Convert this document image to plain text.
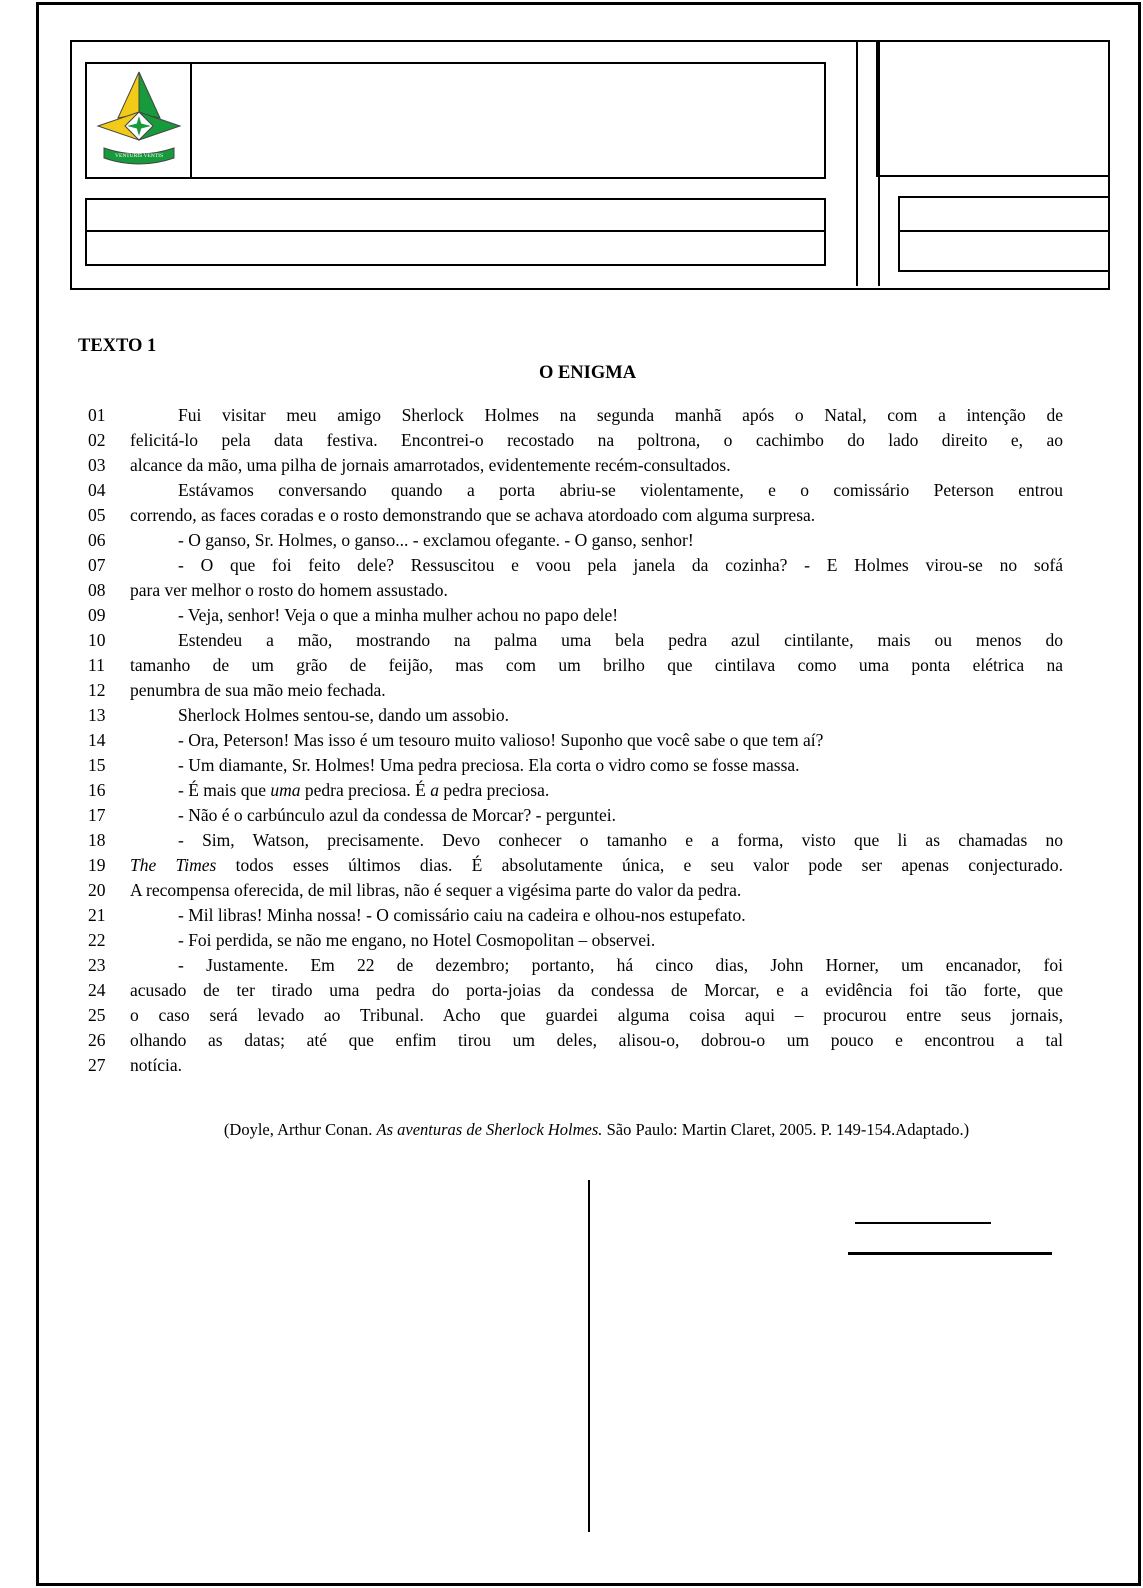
VENTURIS VENTIS
TEXTO 1
O ENIGMA
01	Fui visitar meu amigo Sherlock Holmes na segunda manhã após o Natal, com a intenção de
02	felicitá-lo pela data festiva. Encontrei-o recostado na poltrona, o cachimbo do lado direito e, ao
03	alcance da mão, uma pilha de jornais amarrotados, evidentemente recém-consultados.
04	Estávamos conversando quando a porta abriu-se violentamente, e o comissário Peterson entrou
05	correndo, as faces coradas e o rosto demonstrando que se achava atordoado com alguma surpresa.
06	- O ganso, Sr. Holmes, o ganso... - exclamou ofegante. - O ganso, senhor!
07	- O que foi feito dele? Ressuscitou e voou pela janela da cozinha? - E Holmes virou-se no sofá
08	para ver melhor o rosto do homem assustado.
09	- Veja, senhor! Veja o que a minha mulher achou no papo dele!
10	Estendeu a mão, mostrando na palma uma bela pedra azul cintilante, mais ou menos do
11	tamanho de um grão de feijão, mas com um brilho que cintilava como uma ponta elétrica na
12	penumbra de sua mão meio fechada.
13	Sherlock Holmes sentou-se, dando um assobio.
14	- Ora, Peterson! Mas isso é um tesouro muito valioso! Suponho que você sabe o que tem aí?
15	- Um diamante, Sr. Holmes! Uma pedra preciosa. Ela corta o vidro como se fosse massa.
16	- É mais que uma pedra preciosa. É a pedra preciosa.
17	- Não é o carbúnculo azul da condessa de Morcar? - perguntei.
18	- Sim, Watson, precisamente. Devo conhecer o tamanho e a forma, visto que li as chamadas no
19	The Times todos esses últimos dias. É absolutamente única, e seu valor pode ser apenas conjecturado.
20	A recompensa oferecida, de mil libras, não é sequer a vigésima parte do valor da pedra.
21	- Mil libras! Minha nossa! - O comissário caiu na cadeira e olhou-nos estupefato.
22	- Foi perdida, se não me engano, no Hotel Cosmopolitan – observei.
23	- Justamente. Em 22 de dezembro; portanto, há cinco dias, John Horner, um encanador, foi
24	acusado de ter tirado uma pedra do porta-joias da condessa de Morcar, e a evidência foi tão forte, que
25	o caso será levado ao Tribunal. Acho que guardei alguma coisa aqui – procurou entre seus jornais,
26	olhando as datas; até que enfim tirou um deles, alisou-o, dobrou-o um pouco e encontrou a tal
27	notícia.
(Doyle, Arthur Conan. As aventuras de Sherlock Holmes. São Paulo: Martin Claret, 2005. P. 149-154.Adaptado.)
